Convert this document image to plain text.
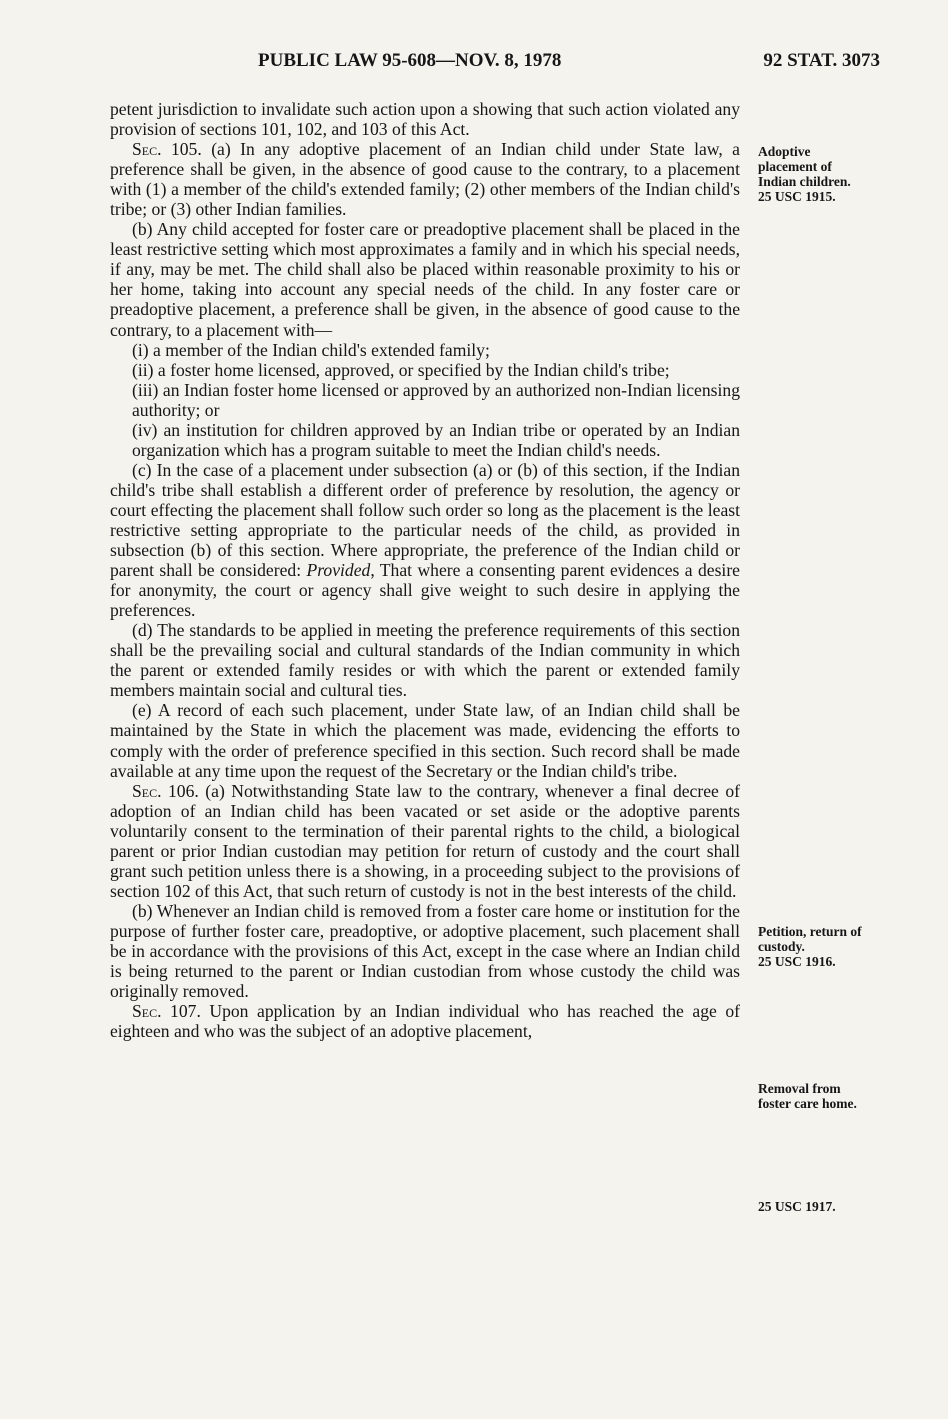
PUBLIC LAW 95-608—NOV. 8, 1978	92 STAT. 3073

petent jurisdiction to invalidate such action upon a showing that such action violated any provision of sections 101, 102, and 103 of this Act.

Sec. 105. (a) In any adoptive placement of an Indian child under State law, a preference shall be given, in the absence of good cause to the contrary, to a placement with (1) a member of the child's extended family; (2) other members of the Indian child's tribe; or (3) other Indian families.

(b) Any child accepted for foster care or preadoptive placement shall be placed in the least restrictive setting which most approximates a family and in which his special needs, if any, may be met. The child shall also be placed within reasonable proximity to his or her home, taking into account any special needs of the child. In any foster care or preadoptive placement, a preference shall be given, in the absence of good cause to the contrary, to a placement with—

(i) a member of the Indian child's extended family;

(ii) a foster home licensed, approved, or specified by the Indian child's tribe;

(iii) an Indian foster home licensed or approved by an authorized non-Indian licensing authority; or

(iv) an institution for children approved by an Indian tribe or operated by an Indian organization which has a program suitable to meet the Indian child's needs.

(c) In the case of a placement under subsection (a) or (b) of this section, if the Indian child's tribe shall establish a different order of preference by resolution, the agency or court effecting the placement shall follow such order so long as the placement is the least restrictive setting appropriate to the particular needs of the child, as provided in subsection (b) of this section. Where appropriate, the preference of the Indian child or parent shall be considered: Provided, That where a consenting parent evidences a desire for anonymity, the court or agency shall give weight to such desire in applying the preferences.

(d) The standards to be applied in meeting the preference requirements of this section shall be the prevailing social and cultural standards of the Indian community in which the parent or extended family resides or with which the parent or extended family members maintain social and cultural ties.

(e) A record of each such placement, under State law, of an Indian child shall be maintained by the State in which the placement was made, evidencing the efforts to comply with the order of preference specified in this section. Such record shall be made available at any time upon the request of the Secretary or the Indian child's tribe.

Sec. 106. (a) Notwithstanding State law to the contrary, whenever a final decree of adoption of an Indian child has been vacated or set aside or the adoptive parents voluntarily consent to the termination of their parental rights to the child, a biological parent or prior Indian custodian may petition for return of custody and the court shall grant such petition unless there is a showing, in a proceeding subject to the provisions of section 102 of this Act, that such return of custody is not in the best interests of the child.

(b) Whenever an Indian child is removed from a foster care home or institution for the purpose of further foster care, preadoptive, or adoptive placement, such placement shall be in accordance with the provisions of this Act, except in the case where an Indian child is being returned to the parent or Indian custodian from whose custody the child was originally removed.

Sec. 107. Upon application by an Indian individual who has reached the age of eighteen and who was the subject of an adoptive placement,

Adoptive
placement of
Indian children.
25 USC 1915.
Petition, return of
custody.
25 USC 1916.
Removal from
foster care home.
25 USC 1917.
